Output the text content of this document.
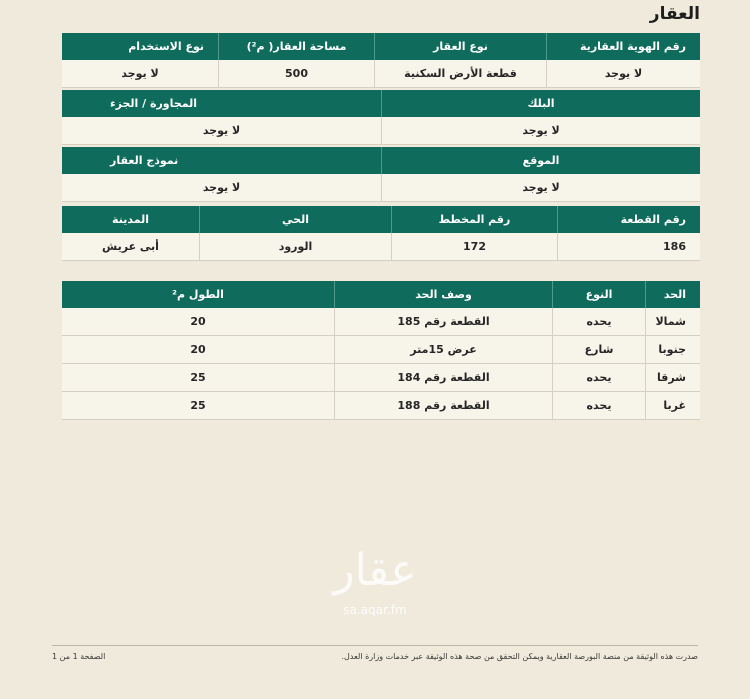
العقار
رقم الهوية العقارية
نوع العقار
مساحة العقار( م²)
نوع الاستخدام
لا يوجد
قطعة الأرض السكنية
500
لا يوجد
البلك
المجاورة / الجزء
لا يوجد
لا يوجد
الموقع
نموذج العقار
لا يوجد
لا يوجد
رقم القطعة
رقم المخطط
الحي
المدينة
186
172
الورود
أبى عريش
الحد
النوع
وصف الحد
الطول م²
شمالا
يحده
القطعة رقم 185
20
جنوبا
شارع
عرض 15متر
20
شرقا
يحده
القطعة رقم 184
25
غربا
يحده
القطعة رقم 188
25
عقار
sa.aqar.fm
صدرت هذه الوثيقة من منصة البورصة العقارية ويمكن التحقق من صحة هذه الوثيقة عبر خدمات وزارة العدل.
الصفحة 1 من 1
